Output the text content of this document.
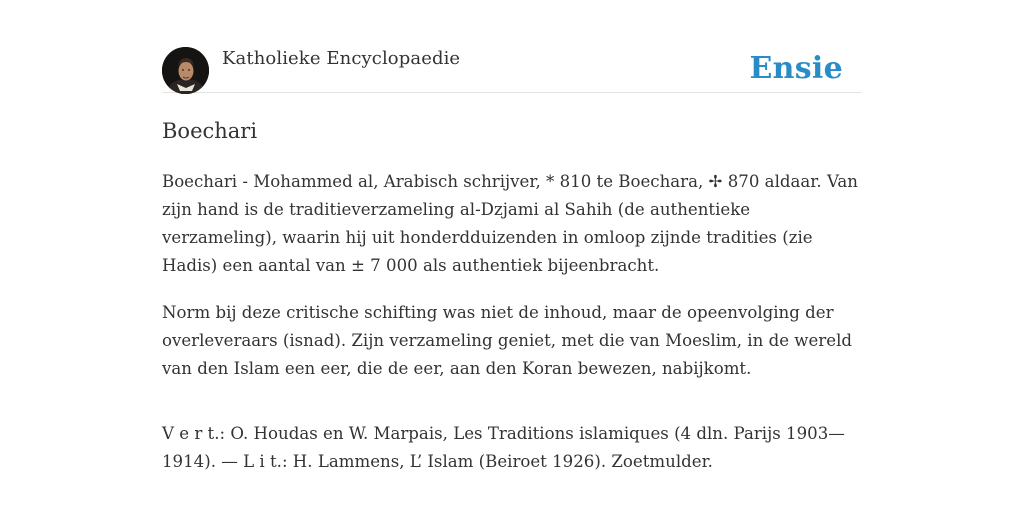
Katholieke Encyclopaedie	Ensie
Boechari

Boechari - Mohammed al, Arabisch schrijver, * 810 te Boechara, ✢ 870 aldaar. Van zijn hand is de traditieverzameling al-Dzjami al Sahih (de authentieke verzameling), waarin hij uit honderdduizenden in omloop zijnde tradities (zie Hadis) een aantal van ± 7 000 als authentiek bijeenbracht.

Norm bij deze critische schifting was niet de inhoud, maar de opeenvolging der overleveraars (isnad). Zijn verzameling geniet, met die van Moeslim, in de wereld van den Islam een eer, die de eer, aan den Koran bewezen, nabijkomt.

V e r t.: O. Houdas en W. Marpais, Les Traditions islamiques (4 dln. Parijs 1903—1914). — L i t.: H. Lammens, L’ Islam (Beiroet 1926). Zoetmulder.
